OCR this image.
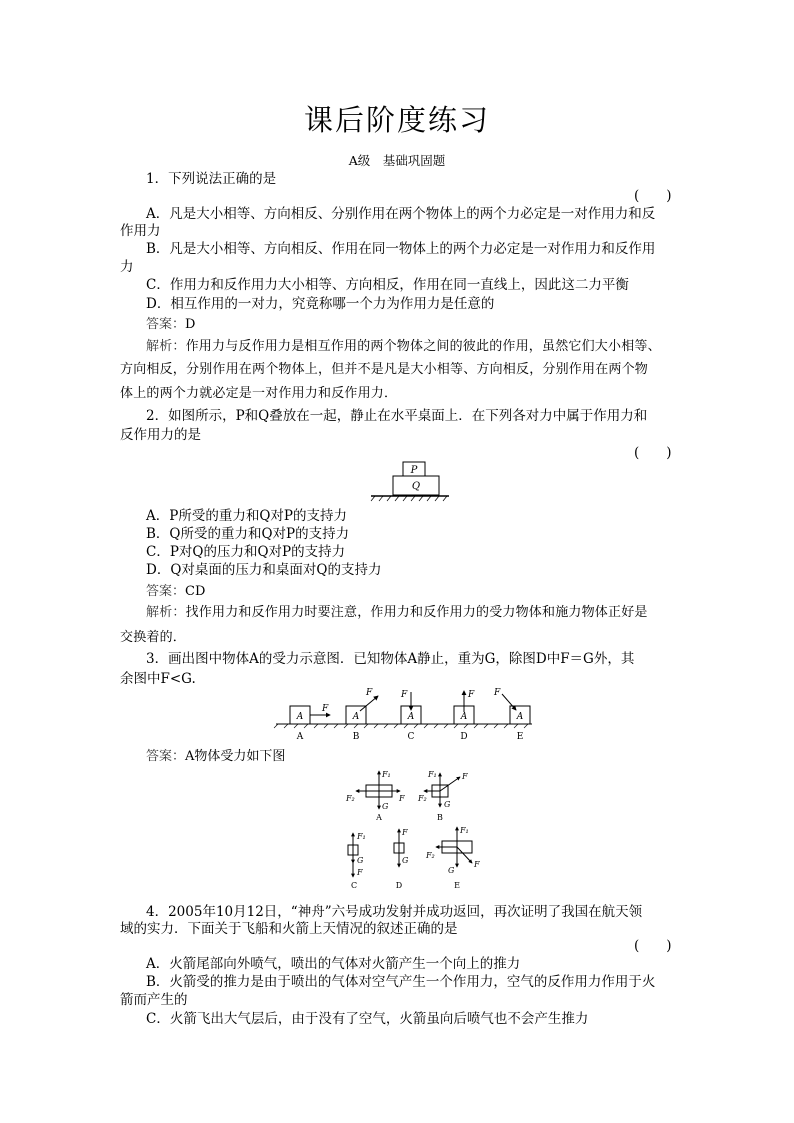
课后阶度练习
A级　基础巩固题
1．下列说法正确的是
(　　)
A．凡是大小相等、方向相反、分别作用在两个物体上的两个力必定是一对作用力和反
作用力
B．凡是大小相等、方向相反、作用在同一物体上的两个力必定是一对作用力和反作用
力
C．作用力和反作用力大小相等、方向相反，作用在同一直线上，因此这二力平衡
D．相互作用的一对力，究竟称哪一个力为作用力是任意的
答案：D
解析：作用力与反作用力是相互作用的两个物体之间的彼此的作用，虽然它们大小相等、
方向相反，分别作用在两个物体上，但并不是凡是大小相等、方向相反，分别作用在两个物
体上的两个力就必定是一对作用力和反作用力．
2．如图所示，P和Q叠放在一起，静止在水平桌面上．在下列各对力中属于作用力和
反作用力的是
(　　)
P
Q
A．P所受的重力和Q对P的支持力
B．Q所受的重力和Q对P的支持力
C．P对Q的压力和Q对P的支持力
D．Q对桌面的压力和桌面对Q的支持力
答案：CD
解析：找作用力和反作用力时要注意，作用力和反作用力的受力物体和施力物体正好是
交换着的．
3．画出图中物体A的受力示意图．已知物体A静止，重为G，除图D中F＝G外，其
余图中F<G.
A
F
A
A
F
B
A
F
C
A
F
D
A
F
E
答案：A物体受力如下图
F₁
G
F₂	F
A
F₁
G
F₂
F
B
F₁
G
F
C
F
G
D
F₁
G
F₂
F
E
4．2005年10月12日，“神舟”六号成功发射并成功返回，再次证明了我国在航天领
域的实力．下面关于飞船和火箭上天情况的叙述正确的是
(　　)
A．火箭尾部向外喷气，喷出的气体对火箭产生一个向上的推力
B．火箭受的推力是由于喷出的气体对空气产生一个作用力，空气的反作用力作用于火
箭而产生的
C．火箭飞出大气层后，由于没有了空气，火箭虽向后喷气也不会产生推力
